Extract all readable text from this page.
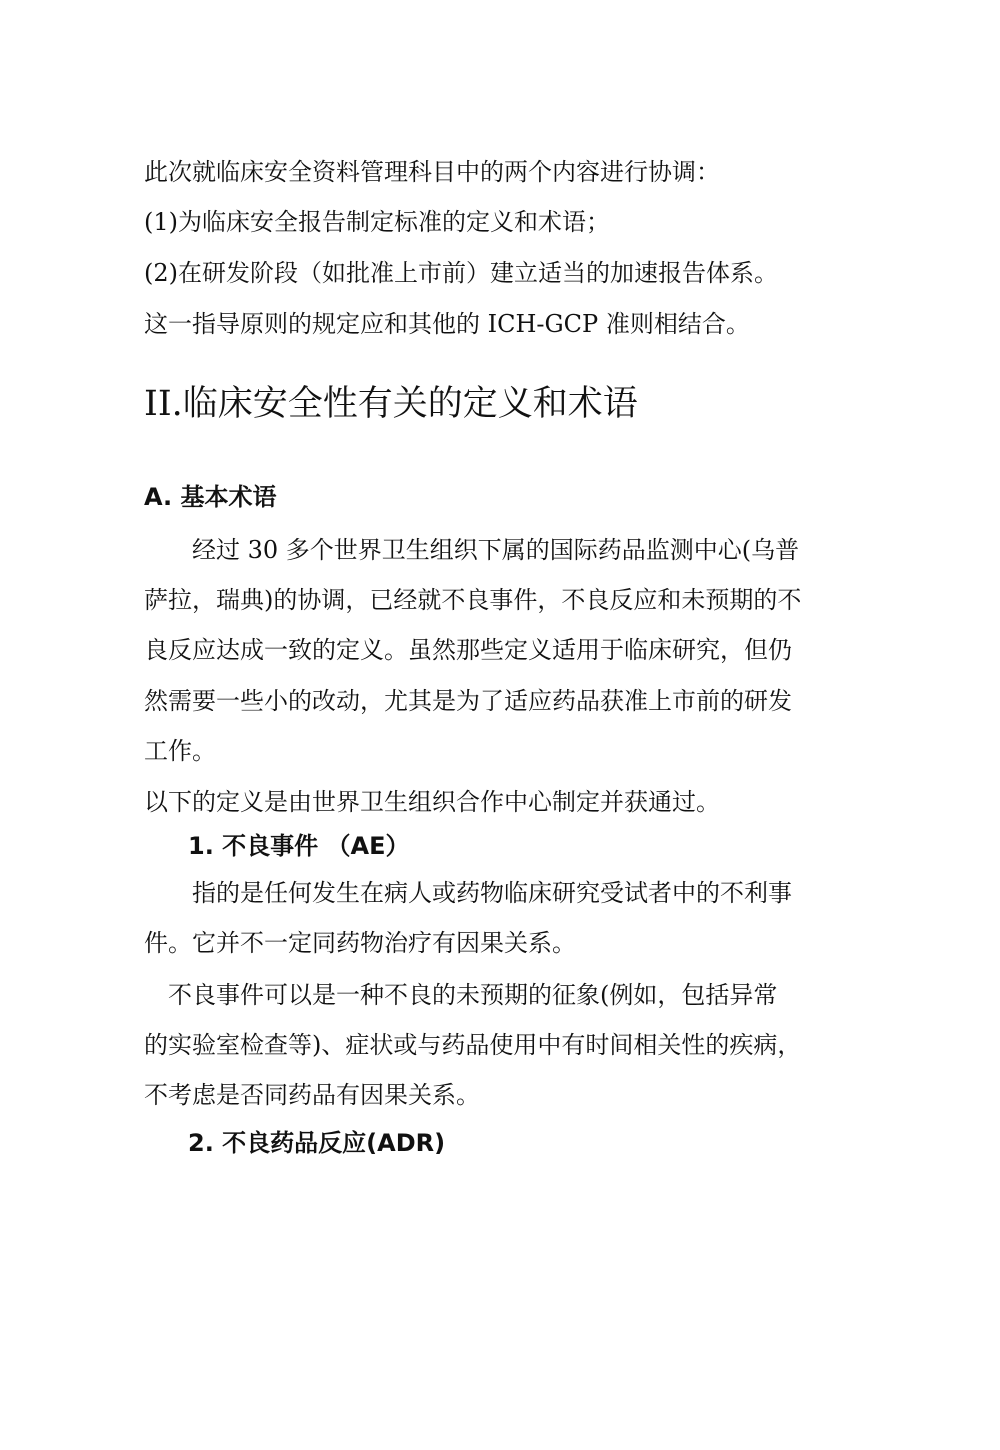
此次就临床安全资料管理科目中的两个内容进行协调：
(1)为临床安全报告制定标准的定义和术语；
(2)在研发阶段（如批准上市前）建立适当的加速报告体系。
这一指导原则的规定应和其他的 ICH-GCP 准则相结合。
II.临床安全性有关的定义和术语
A. 基本术语
　　经过 30 多个世界卫生组织下属的国际药品监测中心(乌普
萨拉，瑞典)的协调，已经就不良事件，不良反应和未预期的不
良反应达成一致的定义。虽然那些定义适用于临床研究，但仍
然需要一些小的改动，尤其是为了适应药品获准上市前的研发
工作。
以下的定义是由世界卫生组织合作中心制定并获通过。
1. 不良事件 （AE）
　　指的是任何发生在病人或药物临床研究受试者中的不利事
件。它并不一定同药物治疗有因果关系。
　不良事件可以是一种不良的未预期的征象(例如，包括异常
的实验室检查等)、症状或与药品使用中有时间相关性的疾病，
不考虑是否同药品有因果关系。
2. 不良药品反应(ADR)
